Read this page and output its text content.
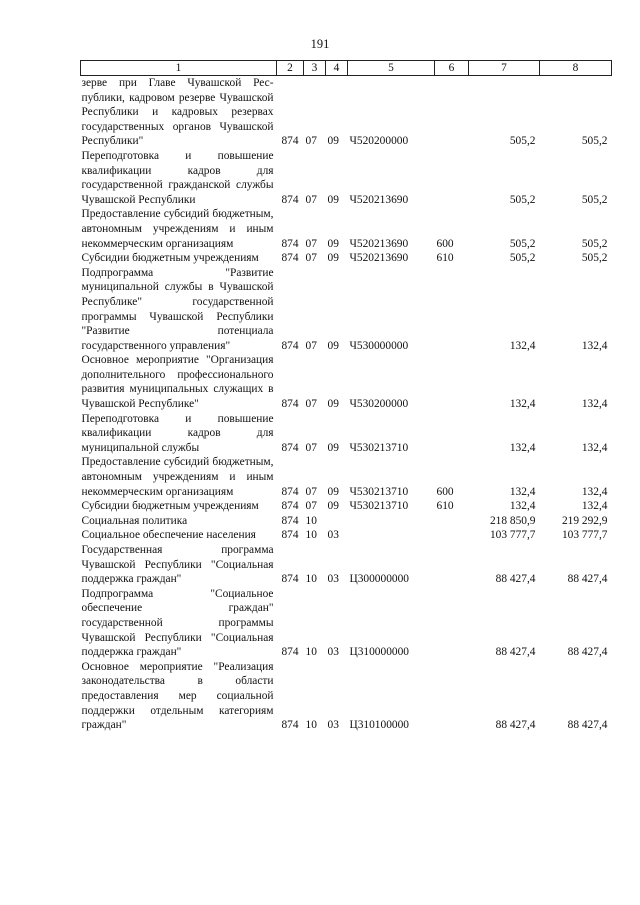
191
1	2	3	4	5	6	7	8
зерве при Главе Чувашской Рес-публики, кадровом резерве Чувашской Республики и кадровых резервах государственных органов Чувашской Республики"	874	07	09	Ч520200000		505,2	505,2
Переподготовка и повышение квалификации кадров для государственной гражданской службы Чувашской Республики	874	07	09	Ч520213690		505,2	505,2
Предоставление субсидий бюджетным, автономным учреждениям и иным некоммерческим организациям	874	07	09	Ч520213690	600	505,2	505,2
Субсидии бюджетным учреждениям	874	07	09	Ч520213690	610	505,2	505,2
Подпрограмма "Развитие муниципальной службы в Чувашской Республике" государственной программы Чувашской Республики "Развитие потенциала государственного управления"	874	07	09	Ч530000000		132,4	132,4
Основное мероприятие "Организация дополнительного профессионального развития муниципальных служащих в Чувашской Республике"	874	07	09	Ч530200000		132,4	132,4
Переподготовка и повышение квалификации кадров для муниципальной службы	874	07	09	Ч530213710		132,4	132,4
Предоставление субсидий бюджетным, автономным учреждениям и иным некоммерческим организациям	874	07	09	Ч530213710	600	132,4	132,4
Субсидии бюджетным учреждениям	874	07	09	Ч530213710	610	132,4	132,4
Социальная политика	874	10				218 850,9	219 292,9
Социальное обеспечение населения	874	10	03			103 777,7	103 777,7
Государственная программа Чувашской Республики "Социальная поддержка граждан"	874	10	03	Ц300000000		88 427,4	88 427,4
Подпрограмма "Социальное обеспечение граждан" государственной программы Чувашской Республики "Социальная поддержка граждан"	874	10	03	Ц310000000		88 427,4	88 427,4
Основное мероприятие "Реализация законодательства в области предоставления мер социальной поддержки отдельным категориям граждан"	874	10	03	Ц310100000		88 427,4	88 427,4
